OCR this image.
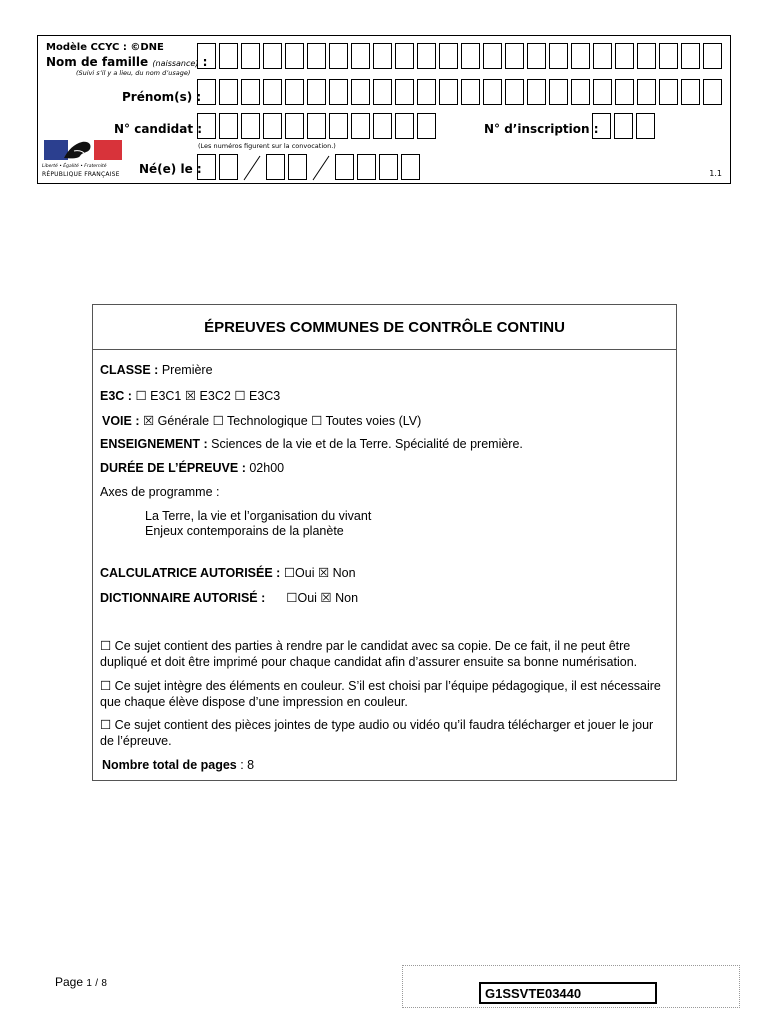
Modèle CCYC : ©DNE
Nom de famille (naissance) :
(Suivi s’il y a lieu, du nom d’usage)
Prénom(s) :
N° candidat :
(Les numéros figurent sur la convocation.)
N° d’inscription :
Né(e) le :
Liberté • Égalité • Fraternité
RÉPUBLIQUE FRANÇAISE	1.1
ÉPREUVES COMMUNES DE CONTRÔLE CONTINU
CLASSE : Première
E3C : ☐ E3C1 ☒ E3C2 ☐ E3C3
VOIE : ☒ Générale ☐ Technologique ☐ Toutes voies (LV)
ENSEIGNEMENT : Sciences de la vie et de la Terre. Spécialité de première.
DURÉE DE L’ÉPREUVE : 02h00
Axes de programme :
La Terre, la vie et l’organisation du vivant
Enjeux contemporains de la planète
CALCULATRICE AUTORISÉE : ☐Oui ☒ Non
DICTIONNAIRE AUTORISÉ : ☐Oui ☒ Non
☐ Ce sujet contient des parties à rendre par le candidat avec sa copie. De ce fait, il ne peut être dupliqué et doit être imprimé pour chaque candidat afin d’assurer ensuite sa bonne numérisation.
☐ Ce sujet intègre des éléments en couleur. S’il est choisi par l’équipe pédagogique, il est nécessaire que chaque élève dispose d’une impression en couleur.
☐ Ce sujet contient des pièces jointes de type audio ou vidéo qu’il faudra télécharger et jouer le jour de l’épreuve.
Nombre total de pages : 8
Page 1 / 8
G1SSVTE03440
